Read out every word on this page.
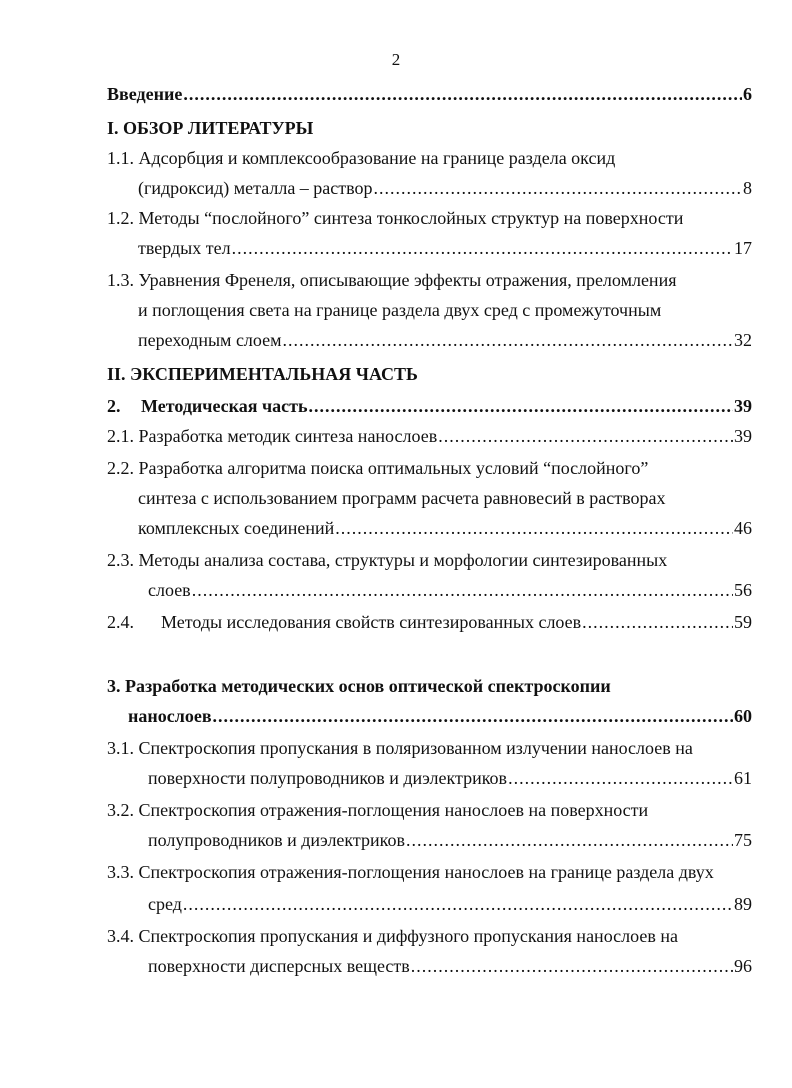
2
Введение .....	6
I. ОБЗОР ЛИТЕРАТУРЫ
1.1. Адсорбция и комплексообразование на границе раздела оксид
(гидроксид) металла – раствор .....	8
1.2. Методы “послойного” синтеза тонкослойных структур на поверхности
твердых тел .....	17
1.3. Уравнения Френеля, описывающие эффекты отражения, преломления
и поглощения света на границе раздела двух сред с промежуточным
переходным слоем .....	32
II. ЭКСПЕРИМЕНТАЛЬНАЯ ЧАСТЬ
2.	Методическая часть .....	39
2.1. Разработка методик синтеза нанослоев .....	39
2.2. Разработка алгоритма поиска оптимальных условий “послойного”
синтеза с использованием программ расчета равновесий в растворах
комплексных соединений .....	46
2.3. Методы анализа состава, структуры и морфологии синтезированных
слоев .....	56
2.4.	Методы исследования свойств синтезированных слоев .....	59
3. Разработка методических основ оптической спектроскопии
нанослоев .....	60
3.1. Спектроскопия пропускания в поляризованном излучении нанослоев на
поверхности полупроводников и диэлектриков .....	61
3.2. Спектроскопия отражения-поглощения нанослоев на поверхности
полупроводников и диэлектриков .....	75
3.3. Спектроскопия отражения-поглощения нанослоев на границе раздела двух
сред .....	89
3.4. Спектроскопия пропускания и диффузного пропускания нанослоев на
поверхности дисперсных веществ .....	96
